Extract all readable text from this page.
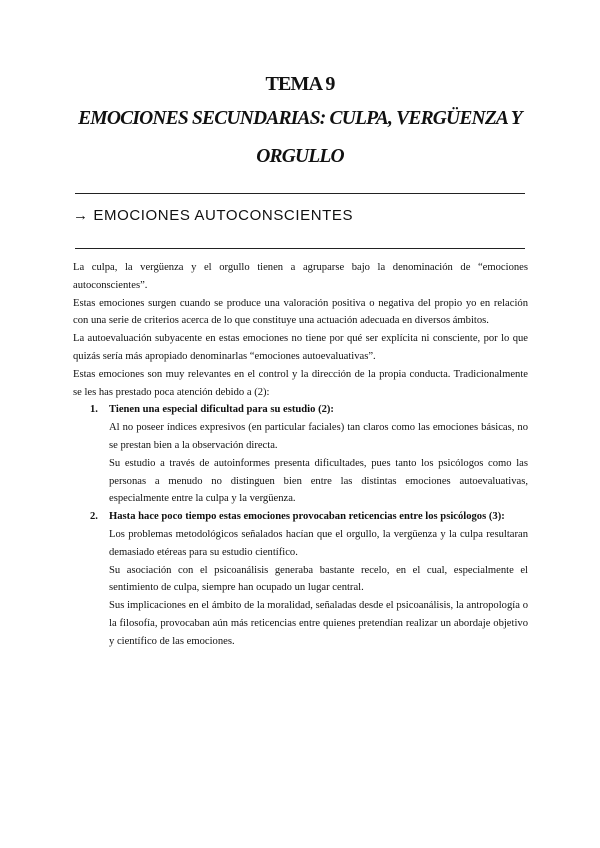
TEMA 9
EMOCIONES SECUNDARIAS: CULPA, VERGÜENZA Y
ORGULLO
→ EMOCIONES AUTOCONSCIENTES

La culpa, la vergüenza y el orgullo tienen a agruparse bajo la denominación de “emociones autoconscientes”.

Estas emociones surgen cuando se produce una valoración positiva o negativa del propio yo en relación con una serie de criterios acerca de lo que constituye una actuación adecuada en diversos ámbitos.

La autoevaluación subyacente en estas emociones no tiene por qué ser explícita ni consciente, por lo que quizás sería más apropiado denominarlas “emociones autoevaluativas”.

Estas emociones son muy relevantes en el control y la dirección de la propia conducta. Tradicionalmente se les has prestado poca atención debido a (2):

1. Tienen una especial dificultad para su estudio (2):

Al no poseer índices expresivos (en particular faciales) tan claros como las emociones básicas, no se prestan bien a la observación directa.

Su estudio a través de autoinformes presenta dificultades, pues tanto los psicólogos como las personas a menudo no distinguen bien entre las distintas emociones autoevaluativas, especialmente entre la culpa y la vergüenza.

2. Hasta hace poco tiempo estas emociones provocaban reticencias entre los psicólogos (3):

Los problemas metodológicos señalados hacían que el orgullo, la vergüenza y la culpa resultaran demasiado etéreas para su estudio científico.

Su asociación con el psicoanálisis generaba bastante recelo, en el cual, especialmente el sentimiento de culpa, siempre han ocupado un lugar central.

Sus implicaciones en el ámbito de la moralidad, señaladas desde el psicoanálisis, la antropología o la filosofía, provocaban aún más reticencias entre quienes pretendían realizar un abordaje objetivo y científico de las emociones.
